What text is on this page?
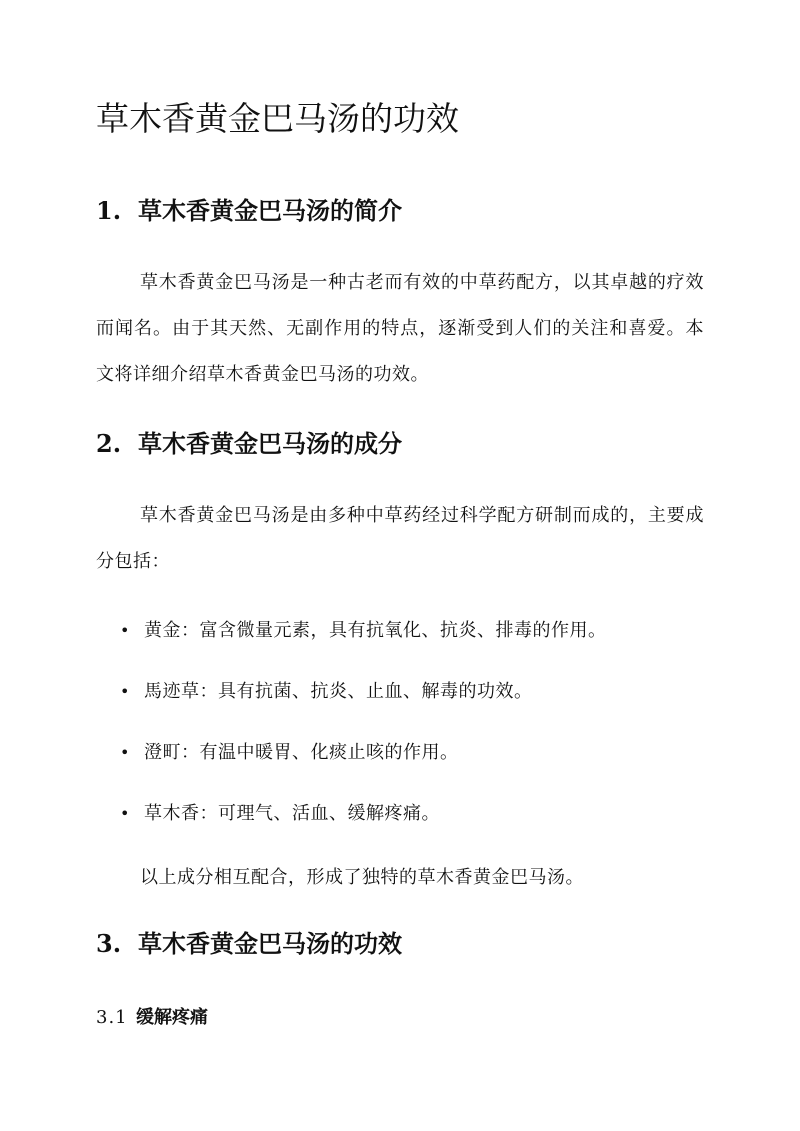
草木香黄金巴马汤的功效
1. 草木香黄金巴马汤的简介

草木香黄金巴马汤是一种古老而有效的中草药配方，以其卓越的疗效而闻名。由于其天然、无副作用的特点，逐渐受到人们的关注和喜爱。本文将详细介绍草木香黄金巴马汤的功效。

2. 草木香黄金巴马汤的成分

草木香黄金巴马汤是由多种中草药经过科学配方研制而成的，主要成分包括：

• 黄金：富含微量元素，具有抗氧化、抗炎、排毒的作用。
• 馬迹草：具有抗菌、抗炎、止血、解毒的功效。
• 澄町：有温中暖胃、化痰止咳的作用。
• 草木香：可理气、活血、缓解疼痛。

以上成分相互配合，形成了独特的草木香黄金巴马汤。

3. 草木香黄金巴马汤的功效
3.1 缓解疼痛
